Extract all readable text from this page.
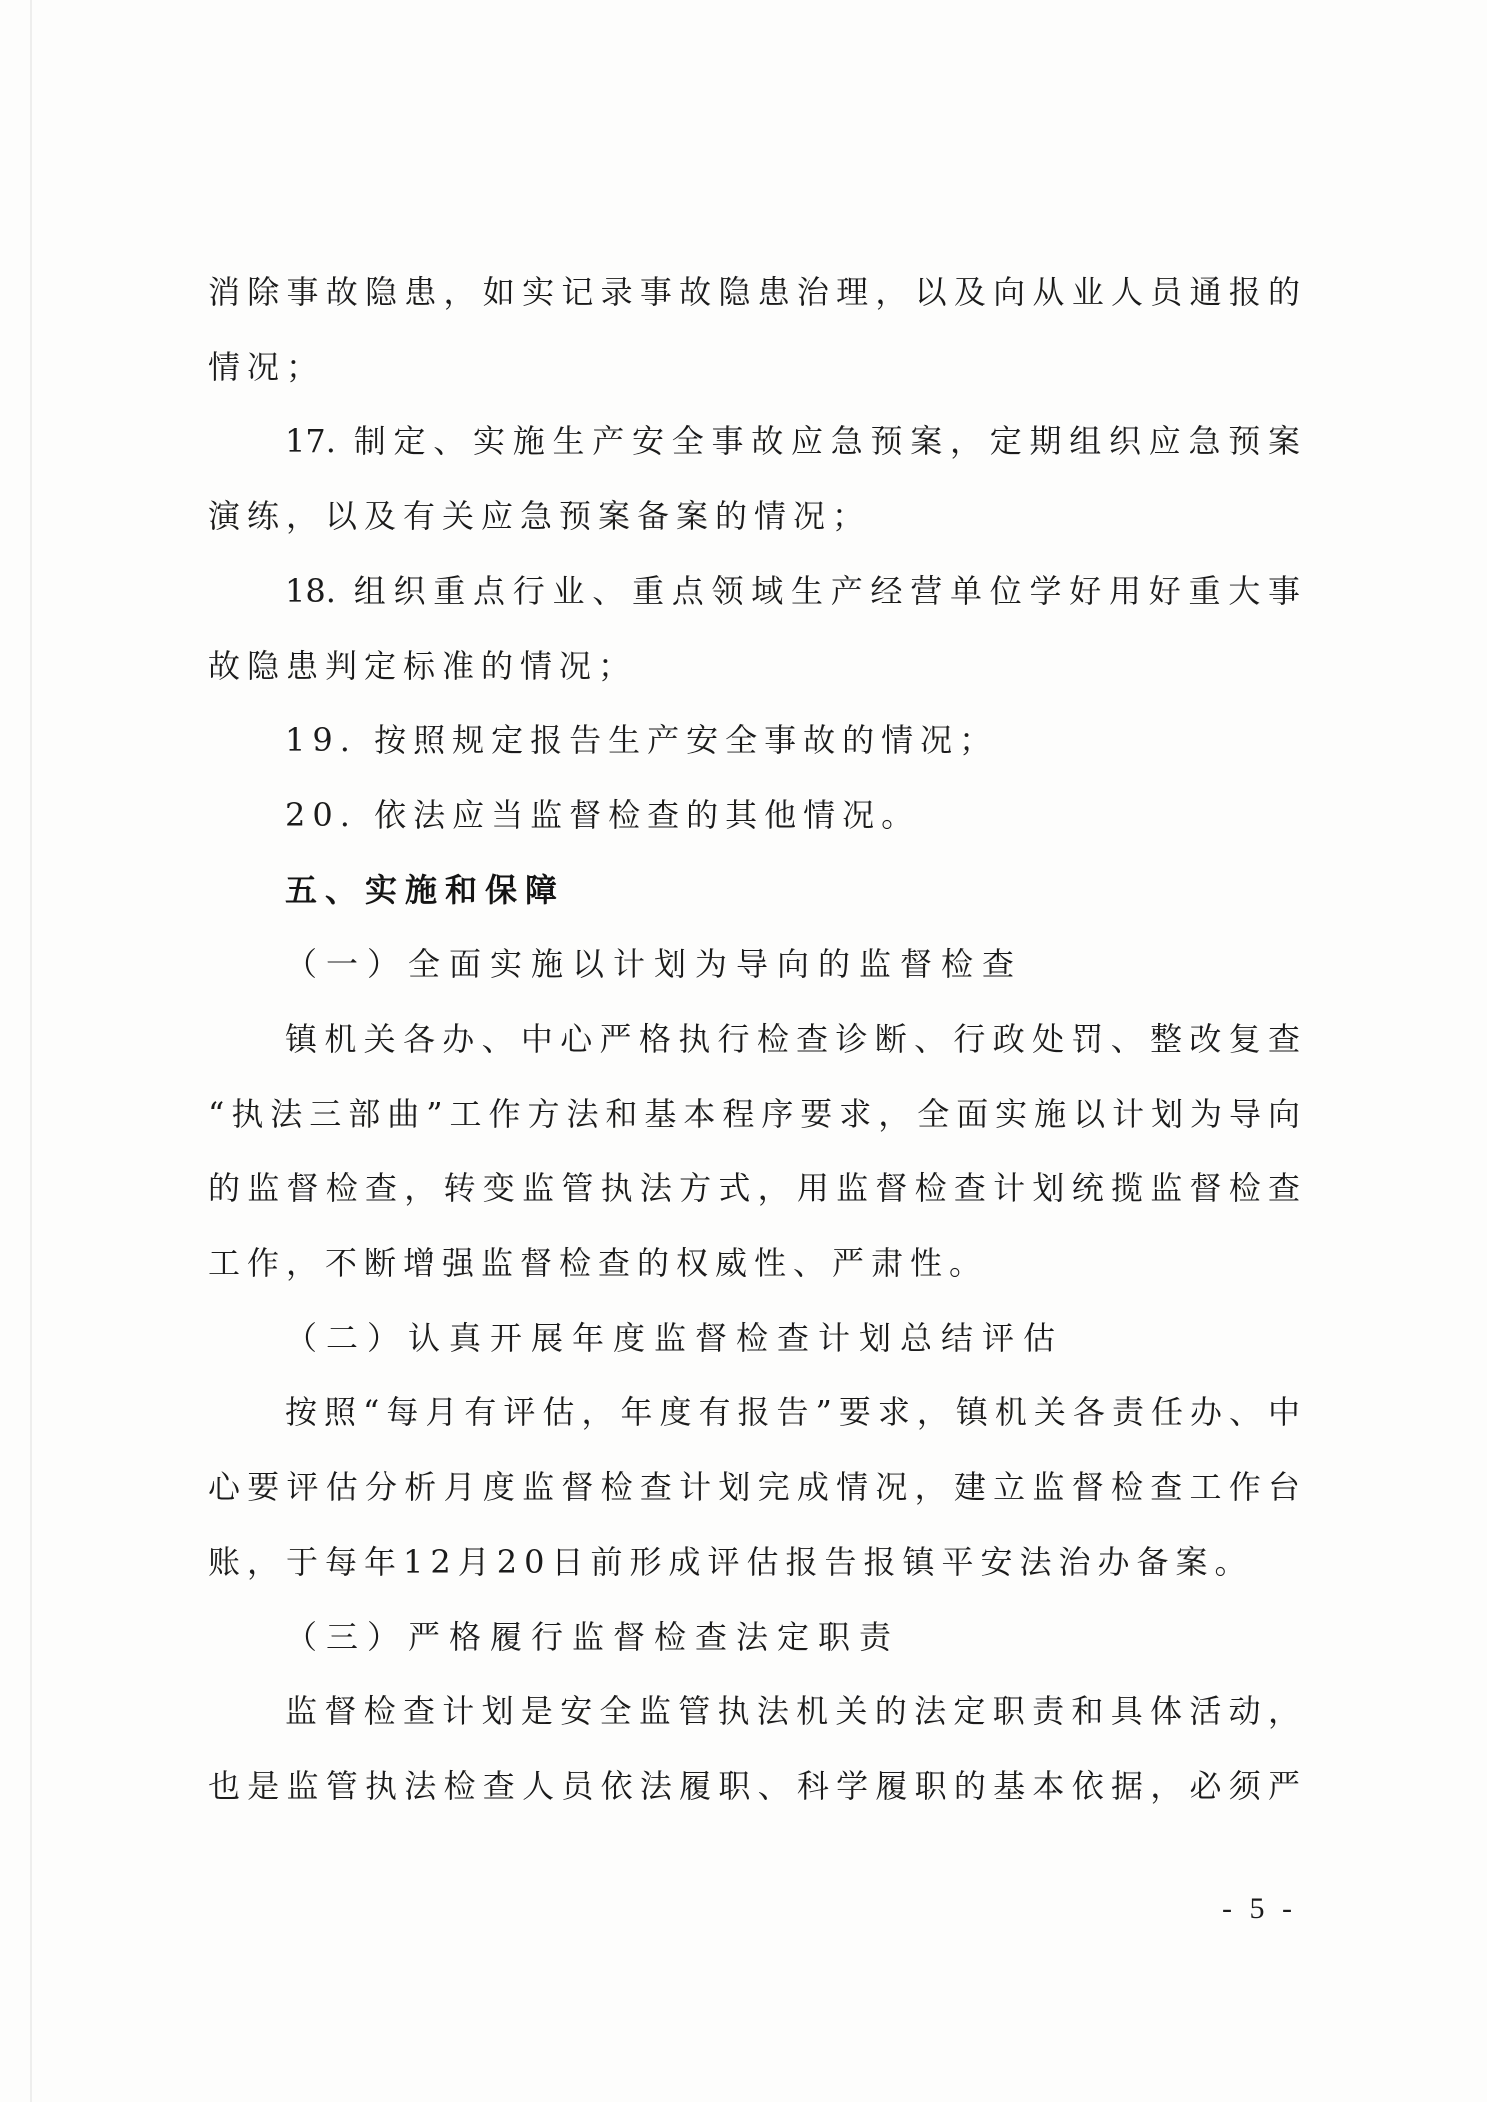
消除事故隐患，如实记录事故隐患治理，以及向从业人员通报的
情况；
17. 制定、实施生产安全事故应急预案，定期组织应急预案
演练，以及有关应急预案备案的情况；
18. 组织重点行业、重点领域生产经营单位学好用好重大事
故隐患判定标准的情况；
19. 按照规定报告生产安全事故的情况；
20. 依法应当监督检查的其他情况。
五、实施和保障
（一）全面实施以计划为导向的监督检查
镇机关各办、中心严格执行检查诊断、行政处罚、整改复查
“执法三部曲”工作方法和基本程序要求，全面实施以计划为导向
的监督检查，转变监管执法方式，用监督检查计划统揽监督检查
工作，不断增强监督检查的权威性、严肃性。
（二）认真开展年度监督检查计划总结评估
按照“每月有评估，年度有报告”要求，镇机关各责任办、中
心要评估分析月度监督检查计划完成情况，建立监督检查工作台
账，于每年12月20日前形成评估报告报镇平安法治办备案。
（三）严格履行监督检查法定职责
监督检查计划是安全监管执法机关的法定职责和具体活动，
也是监管执法检查人员依法履职、科学履职的基本依据，必须严
- 5 -
